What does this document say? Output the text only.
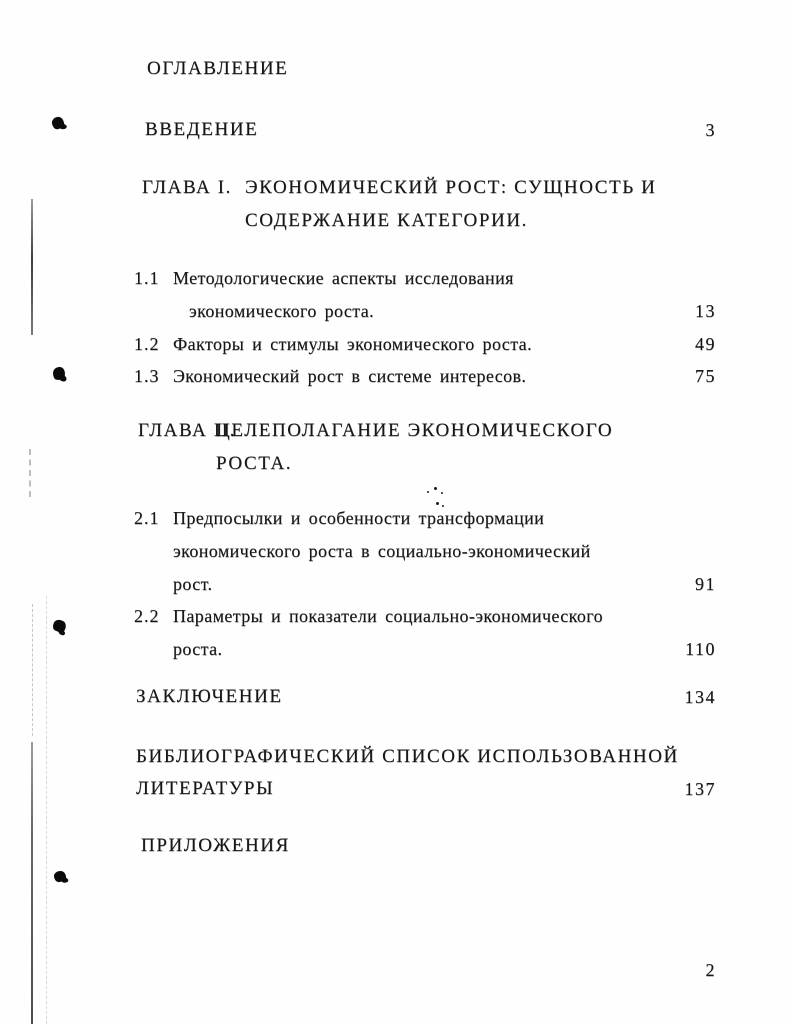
ОГЛАВЛЕНИЕ
ВВЕДЕНИЕ	3
ГЛАВА I. ЭКОНОМИЧЕСКИЙ РОСТ: СУЩНОСТЬ И
СОДЕРЖАНИЕ КАТЕГОРИИ.
1.1 Методологические аспекты исследования
экономического роста.	13
1.2 Факторы и стимулы экономического роста.	49
1.3 Экономический рост в системе интересов.	75
ГЛАВА II.
ЦЕЛЕПОЛАГАНИЕ ЭКОНОМИЧЕСКОГО
РОСТА.
2.1 Предпосылки и особенности трансформации
экономического роста в социально-экономический
рост.	91
2.2 Параметры и показатели социально-экономического
роста.	110
ЗАКЛЮЧЕНИЕ	134
БИБЛИОГРАФИЧЕСКИЙ СПИСОК ИСПОЛЬЗОВАННОЙ
ЛИТЕРАТУРЫ	137
ПРИЛОЖЕНИЯ
2
